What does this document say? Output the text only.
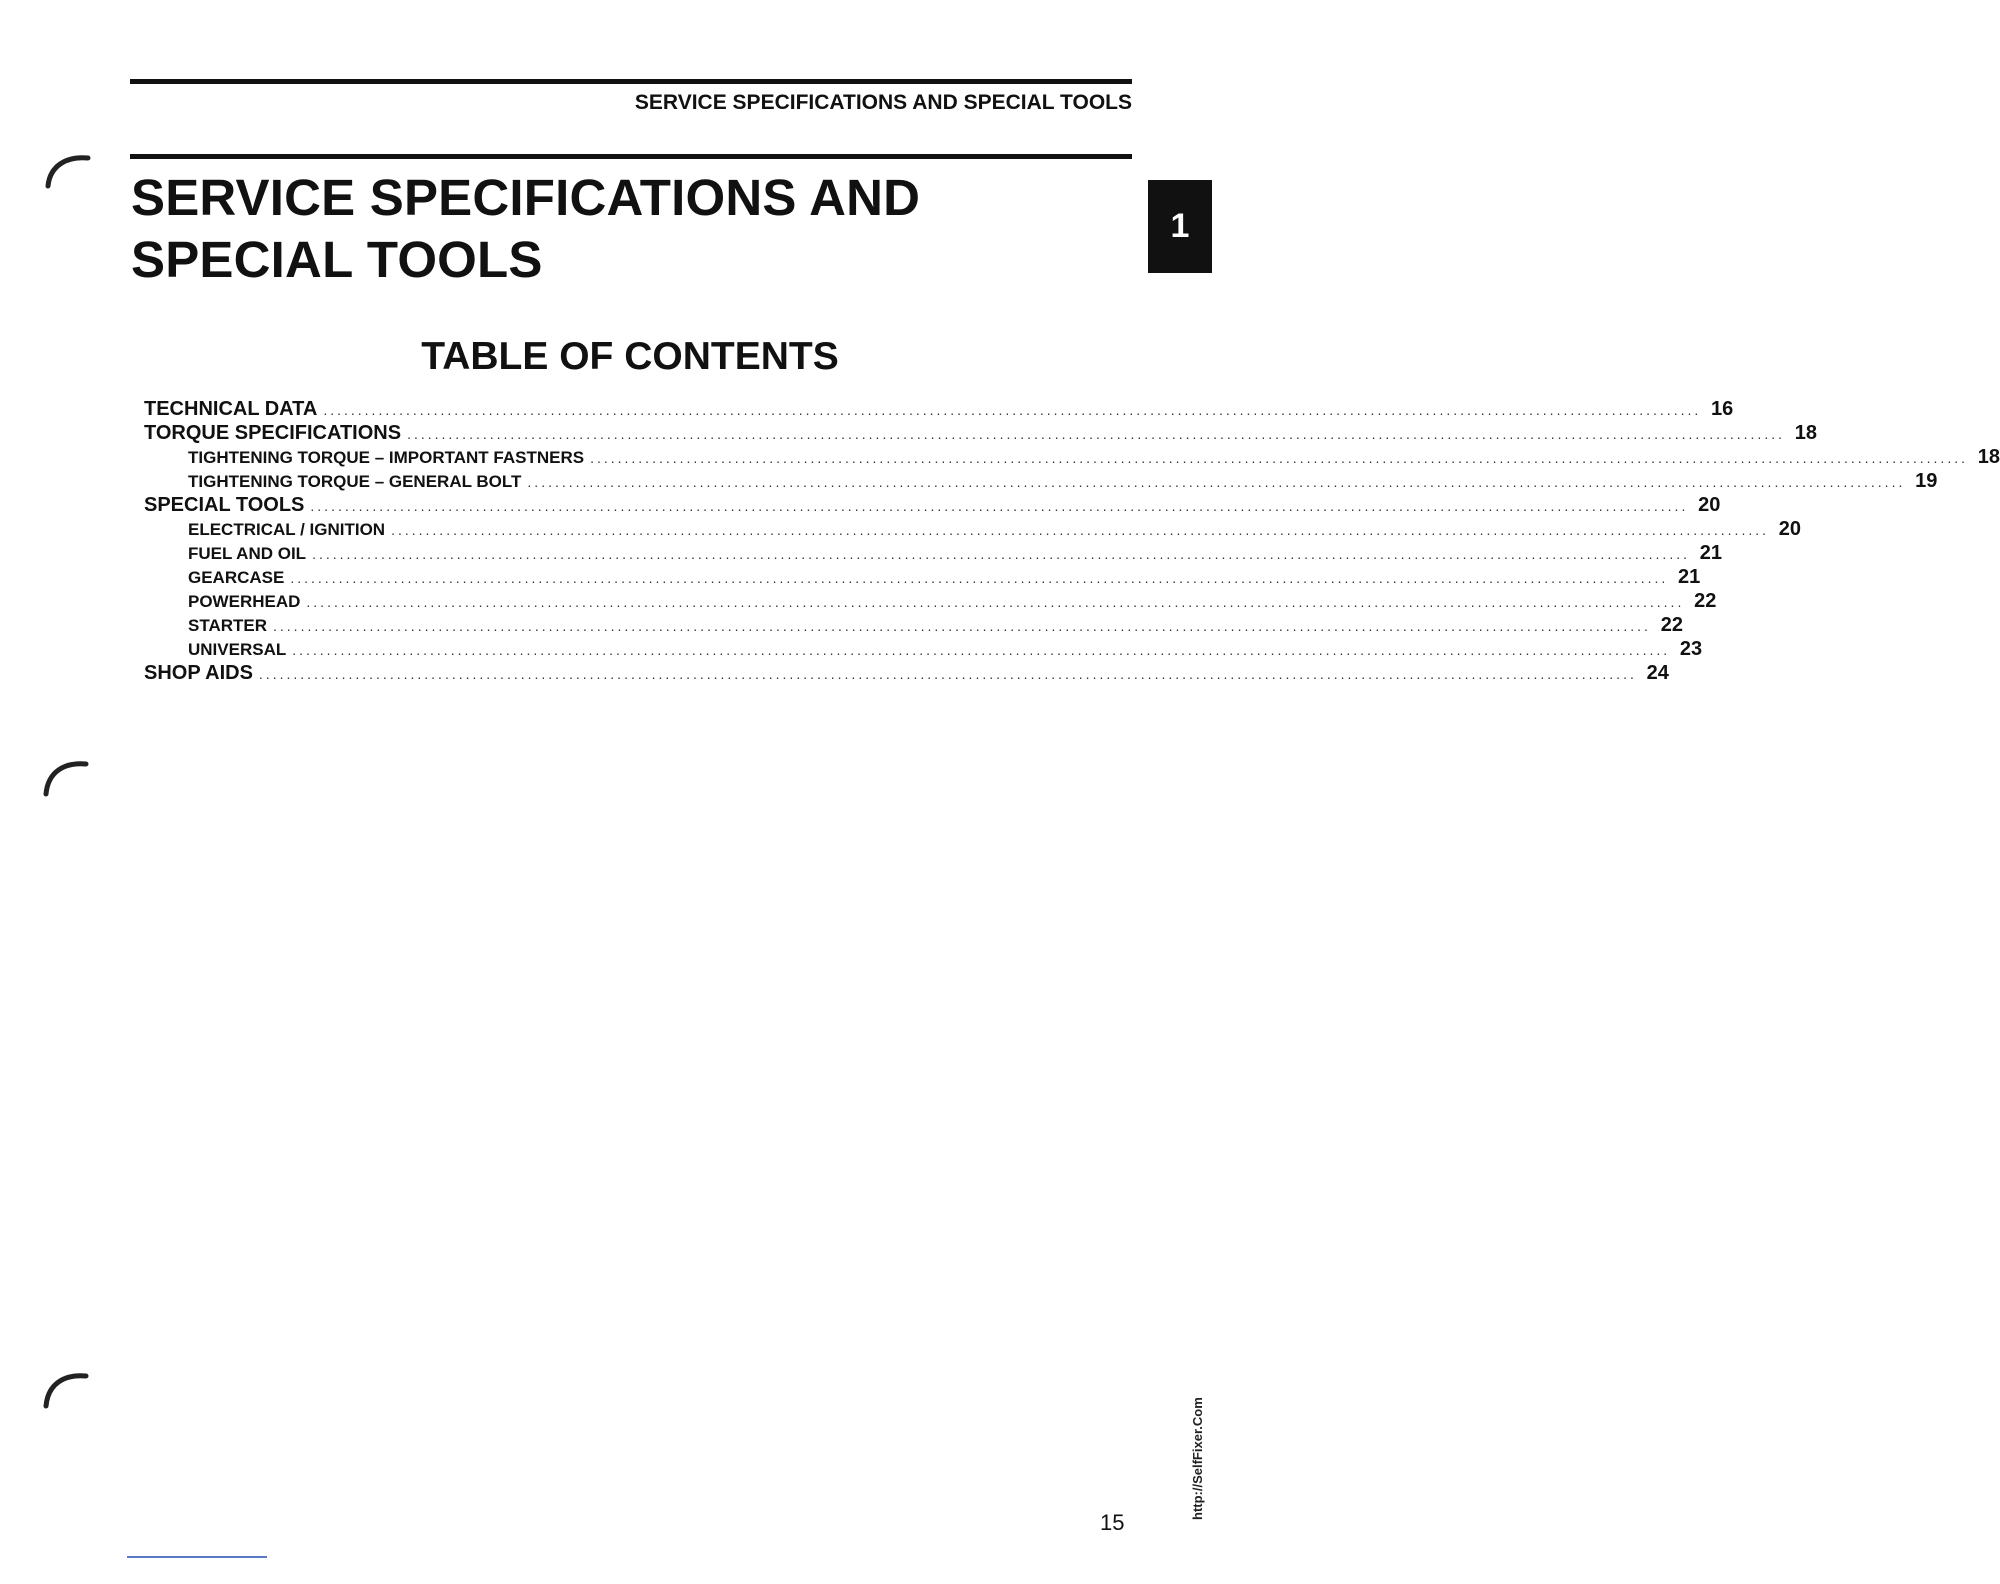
SERVICE SPECIFICATIONS AND SPECIAL TOOLS
SERVICE SPECIFICATIONS AND
SPECIAL TOOLS
1
TABLE OF CONTENTS
TECHNICAL DATA ........................................................................................................................................................................................................ 16
TORQUE SPECIFICATIONS ........................................................................................................................................................................................................ 18
TIGHTENING TORQUE – IMPORTANT FASTNERS ........................................................................................................................................................................................................ 18
TIGHTENING TORQUE – GENERAL BOLT ........................................................................................................................................................................................................ 19
SPECIAL TOOLS ........................................................................................................................................................................................................ 20
ELECTRICAL / IGNITION ........................................................................................................................................................................................................ 20
FUEL AND OIL ........................................................................................................................................................................................................ 21
GEARCASE ........................................................................................................................................................................................................ 21
POWERHEAD ........................................................................................................................................................................................................ 22
STARTER ........................................................................................................................................................................................................ 22
UNIVERSAL ........................................................................................................................................................................................................ 23
SHOP AIDS ........................................................................................................................................................................................................ 24
15
http://SelfFixer.Com
